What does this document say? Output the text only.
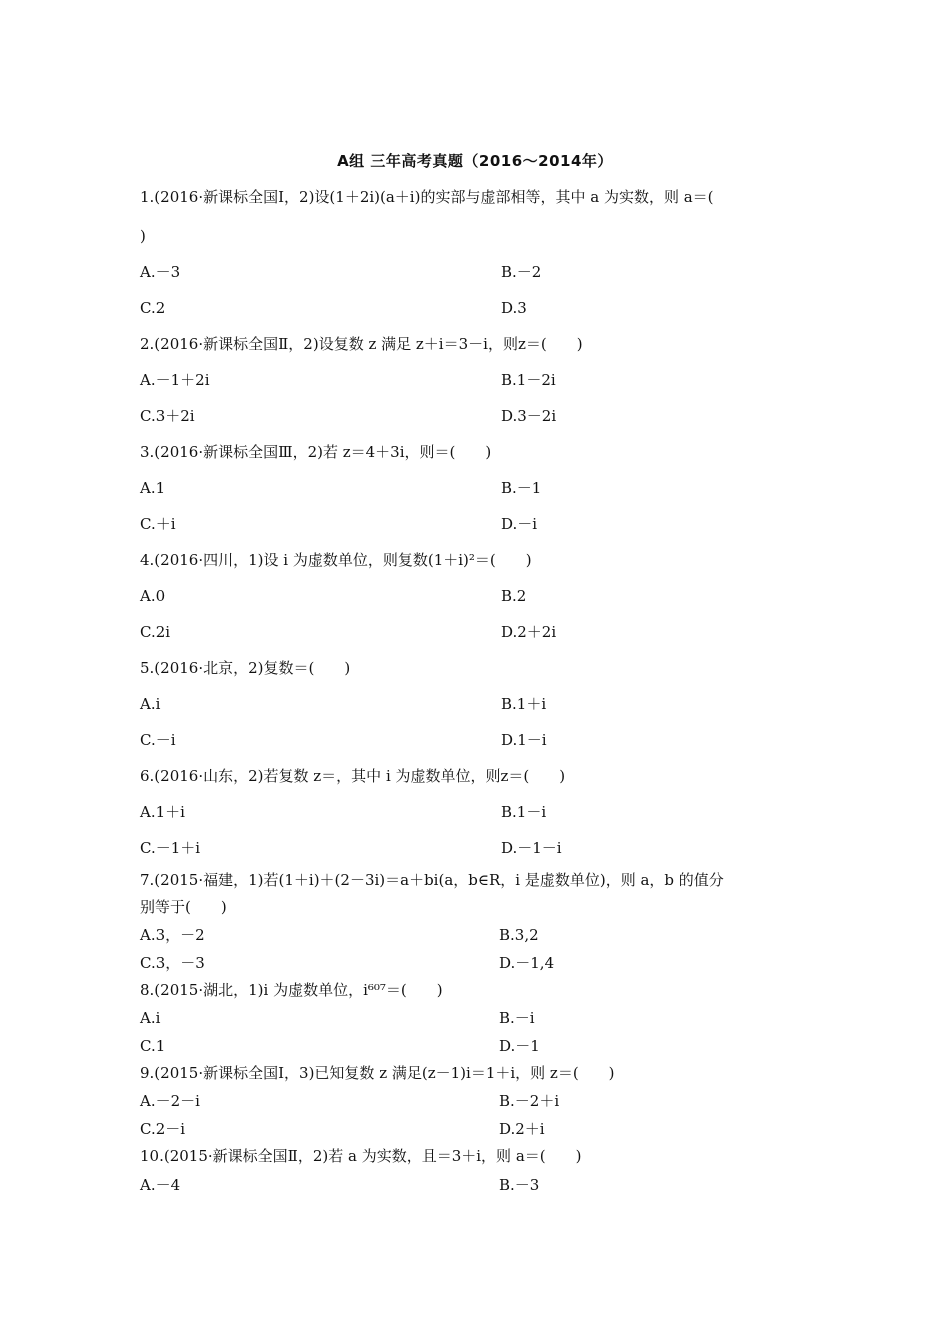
A组 三年高考真题（2016～2014年）
1.(2016·新课标全国Ⅰ，2)设(1＋2i)(a＋i)的实部与虚部相等，其中 a 为实数，则 a＝(
)
A.－3	B.－2
C.2	D.3
2.(2016·新课标全国Ⅱ，2)设复数 z 满足 z＋i＝3－i，则z＝(　　)
A.－1＋2i	B.1－2i
C.3＋2i	D.3－2i
3.(2016·新课标全国Ⅲ，2)若 z＝4＋3i，则＝(　　)
A.1	B.－1
C.＋i	D.－i
4.(2016·四川，1)设 i 为虚数单位，则复数(1＋i)²＝(　　)
A.0	B.2
C.2i	D.2＋2i
5.(2016·北京，2)复数＝(　　)
A.i	B.1＋i
C.－i	D.1－i
6.(2016·山东，2)若复数 z＝，其中 i 为虚数单位，则z＝(　　)
A.1＋i	B.1－i
C.－1＋i	D.－1－i
7.(2015·福建，1)若(1＋i)＋(2－3i)＝a＋bi(a，b∈R，i 是虚数单位)，则 a，b 的值分
别等于(　　)
A.3，－2	B.3,2
C.3，－3	D.－1,4
8.(2015·湖北，1)i 为虚数单位，i⁶⁰⁷＝(　　)
A.i	B.－i
C.1	D.－1
9.(2015·新课标全国Ⅰ，3)已知复数 z 满足(z－1)i＝1＋i，则 z＝(　　)
A.－2－i	B.－2＋i
C.2－i	D.2＋i
10.(2015·新课标全国Ⅱ，2)若 a 为实数，且＝3＋i，则 a＝(　　)
A.－4	B.－3
